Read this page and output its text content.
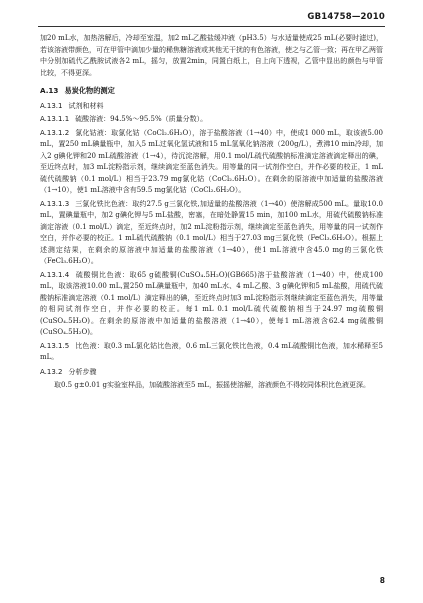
GB14758—2010

加20 mL水，加热溶解后，冷却至室温，加2 mL乙酸盐缓冲液（pH3.5）与水适量使成25 mL(必要时滤过)，若该溶液带颜色，可在甲管中滴加少量的稀焦糖溶液或其他无干扰的有色溶液，使之与乙管一致；再在甲乙两管中分别加硫代乙酰胺试液各2 mL，摇匀，放置2min，同置白纸上，自上向下透视，乙管中显出的颜色与甲管比较，不得更深。

A.13 易炭化物的测定

A.13.1 试剂和材料

A.13.1.1 硫酸溶液：94.5%～95.5%（质量分数）。

A.13.1.2 氯化钴液：取氯化钴（CoCl₂.6H₂O），溶于盐酸溶液（1→40）中，使成1 000 mL，取该液5.00 mL，置250 mL碘量瓶中，加入5 mL过氧化氢试液和15 mL氢氧化钠溶液（200g/L），煮沸10 min冷却，加入2 g碘化钾和20 mL硫酸溶液（1→4），待沉淀溶解，用0.1 mol/L硫代硫酸钠标准滴定溶液滴定释出的碘，至近终点时，加3 mL淀粉指示剂，继续滴定至蓝色消失。用等量的同一试剂作空白，并作必要的校正，1 mL硫代硫酸钠（0.1 mol/L）相当于23.79 mg氯化钴（CoCl₂.6H₂O）。在剩余的原溶液中加适量的盐酸溶液（1→10），使1 mL溶液中含有59.5 mg氯化钴（CoCl₂.6H₂O）。

A.13.1.3 三氯化铁比色液：取约27.5 g三氯化铁,加适量的盐酸溶液（1→40）使溶解成500 mL。量取10.0 mL，置碘量瓶中，加2 g碘化钾与5 mL盐酸，密塞，在暗处静置15 min，加100 mL水，用硫代硫酸钠标准滴定溶液（0.1 mol/L）滴定，至近终点时，加2 mL淀粉指示剂，继续滴定至蓝色消失，用等量的同一试剂作空白，并作必要的校正。1 mL硫代硫酸钠（0.1 mol/L）相当于27.03 mg三氯化铁（FeCl₃.6H₂O）。根据上述测定结果，在剩余的原溶液中加适量的盐酸溶液（1→40），使1 mL溶液中含45.0 mg的三氯化铁（FeCl₃.6H₂O）。

A.13.1.4 硫酸铜比色液：取65 g硫酸铜(CuSO₄.5H₂O)(GB665)溶于盐酸溶液（1→40）中，使成100 mL，取该溶液10.00 mL,置250 mL碘量瓶中，加40 mL水、4 mL乙酸、3 g碘化钾和5 mL盐酸，用硫代硫酸钠标准滴定溶液（0.1 mol/L）滴定释出的碘，至近终点时加3 mL淀粉指示剂继续滴定至蓝色消失，用等量的相同试剂作空白，并作必要的校正。每1 mL 0.1 mol/L硫代硫酸钠相当于24.97 mg硫酸铜(CuSO₄.5H₂O)。在剩余的原溶液中加适量的盐酸溶液（1→40），使每1 mL溶液含62.4 mg硫酸铜(CuSO₄.5H₂O)。

A.13.1.5 比色液：取0.3 mL氯化钴比色液，0.6 mL三氯化铁比色液，0.4 mL硫酸铜比色液，加水稀释至5 mL。

A.13.2 分析步骤

取0.5 g±0.01 g实验室样品，加硫酸溶液至5 mL，振摇使溶解，溶液颜色不得较同体积比色液更深。

8
